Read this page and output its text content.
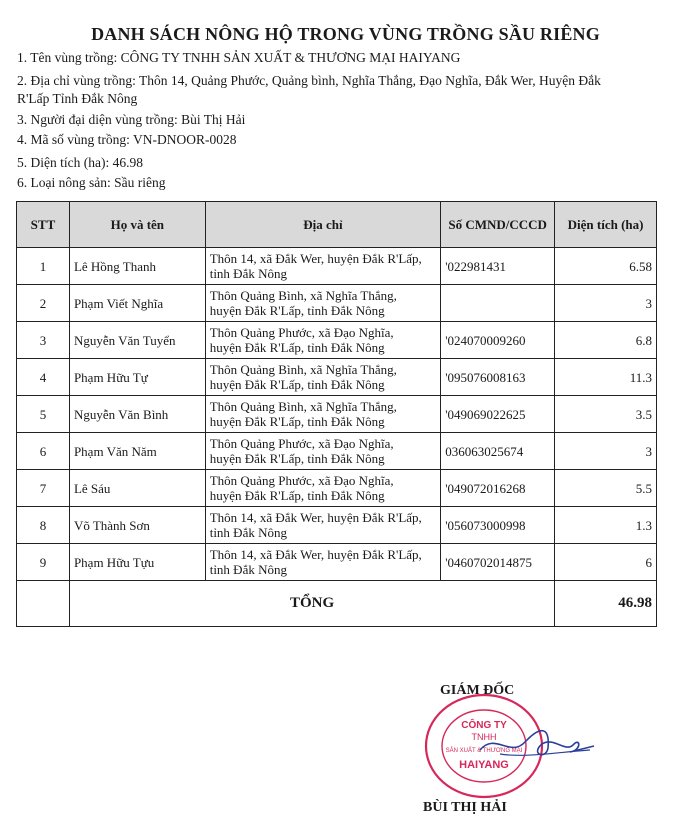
DANH SÁCH NÔNG HỘ TRONG VÙNG TRỒNG SẦU RIÊNG
1. Tên vùng trồng: CÔNG TY TNHH SẢN XUẤT & THƯƠNG MẠI HAIYANG
2. Địa chỉ vùng trồng: Thôn 14, Quảng Phước, Quảng bình, Nghĩa Thắng, Đạo Nghĩa, Đắk Wer, Huyện Đắk
R'Lấp Tỉnh Đắk Nông
3. Người đại diện vùng trồng: Bùi Thị Hải
4. Mã số vùng trồng: VN-DNOOR-0028
5. Diện tích (ha): 46.98
6. Loại nông sản: Sầu riêng
STT	Họ và tên	Địa chỉ	Số CMND/CCCD	Diện tích (ha)
1	Lê Hồng Thanh	Thôn 14, xã Đắk Wer, huyện Đắk R'Lấp,
tỉnh Đắk Nông	'022981431	6.58
2	Phạm Viết Nghĩa	Thôn Quảng Bình, xã Nghĩa Thắng,
huyện Đắk R'Lấp, tỉnh Đắk Nông		3
3	Nguyễn Văn Tuyển	Thôn Quảng Phước, xã Đạo Nghĩa,
huyện Đắk R'Lấp, tỉnh Đắk Nông	'024070009260	6.8
4	Phạm Hữu Tự	Thôn Quảng Bình, xã Nghĩa Thắng,
huyện Đắk R'Lấp, tỉnh Đắk Nông	'095076008163	11.3
5	Nguyễn Văn Bình	Thôn Quảng Bình, xã Nghĩa Thắng,
huyện Đắk R'Lấp, tỉnh Đắk Nông	'049069022625	3.5
6	Phạm Văn Năm	Thôn Quảng Phước, xã Đạo Nghĩa,
huyện Đắk R'Lấp, tỉnh Đắk Nông	036063025674	3
7	Lê Sáu	Thôn Quảng Phước, xã Đạo Nghĩa,
huyện Đắk R'Lấp, tỉnh Đắk Nông	'049072016268	5.5
8	Võ Thành Sơn	Thôn 14, xã Đắk Wer, huyện Đắk R'Lấp,
tỉnh Đắk Nông	'056073000998	1.3
9	Phạm Hữu Tựu	Thôn 14, xã Đắk Wer, huyện Đắk R'Lấp,
tỉnh Đắk Nông	'0460702014875	6
	TỔNG			46.98
GIÁM ĐỐC
CÔNG TY
TNHH
SẢN XUẤT & THƯƠNG MẠI
HAIYANG
BÙI THỊ HẢI
